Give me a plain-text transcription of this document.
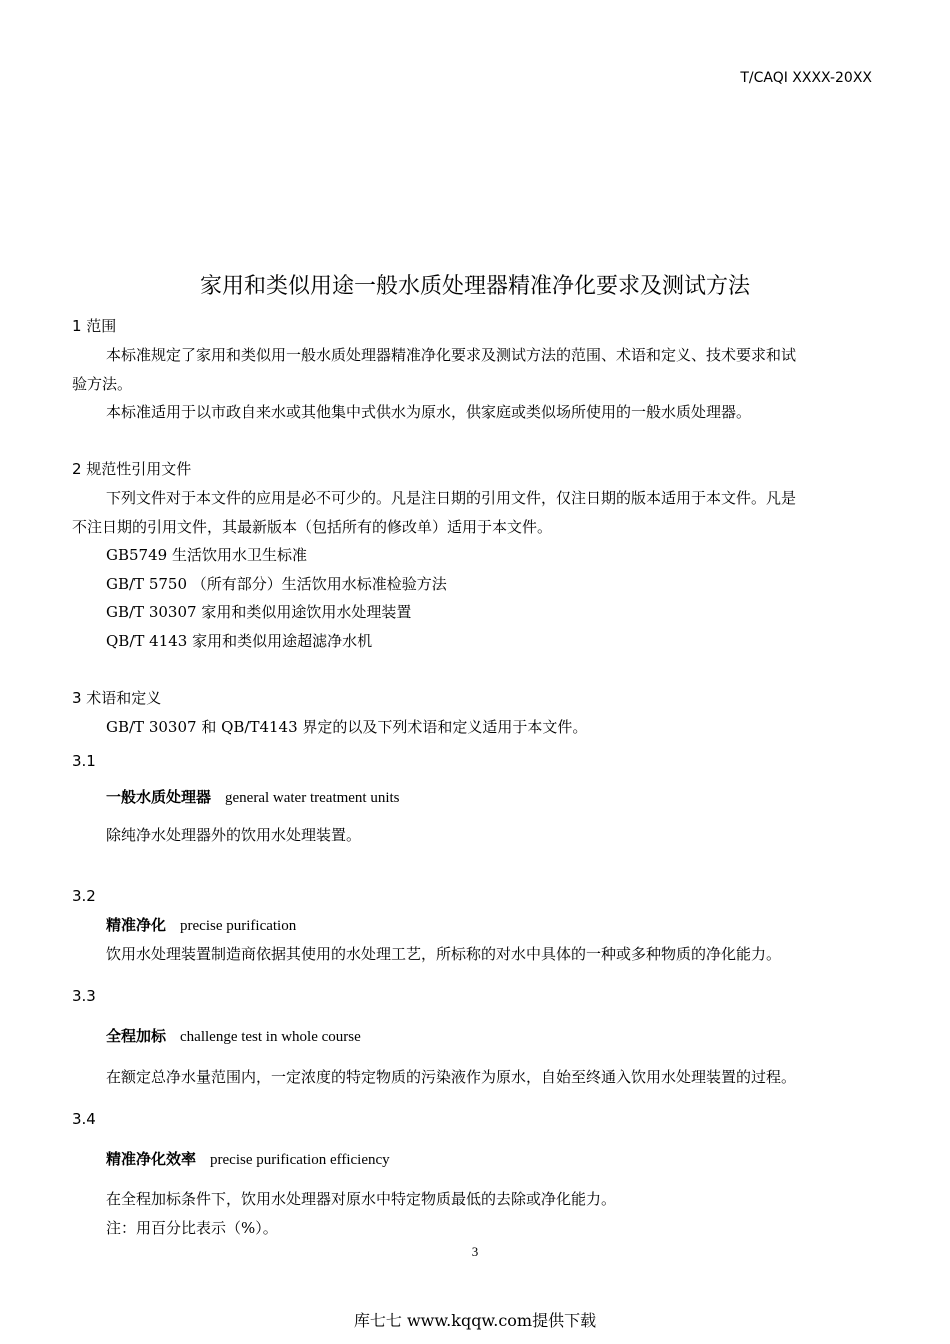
T/CAQI XXXX-20XX
家用和类似用途一般水质处理器精准净化要求及测试方法
1 范围
本标准规定了家用和类似用一般水质处理器精准净化要求及测试方法的范围、术语和定义、技术要求和试
验方法。
本标准适用于以市政自来水或其他集中式供水为原水，供家庭或类似场所使用的一般水质处理器。
2 规范性引用文件
下列文件对于本文件的应用是必不可少的。凡是注日期的引用文件，仅注日期的版本适用于本文件。凡是
不注日期的引用文件，其最新版本（包括所有的修改单）适用于本文件。
GB5749 生活饮用水卫生标准
GB/T 5750 （所有部分）生活饮用水标准检验方法
GB/T 30307 家用和类似用途饮用水处理装置
QB/T 4143 家用和类似用途超滤净水机
3 术语和定义
GB/T 30307 和 QB/T4143 界定的以及下列术语和定义适用于本文件。
3.1
一般水质处理器 general water treatment units
除纯净水处理器外的饮用水处理装置。
3.2
精准净化 precise purification
饮用水处理装置制造商依据其使用的水处理工艺，所标称的对水中具体的一种或多种物质的净化能力。
3.3
全程加标 challenge test in whole course
在额定总净水量范围内，一定浓度的特定物质的污染液作为原水，自始至终通入饮用水处理装置的过程。
3.4
精准净化效率 precise purification efficiency
在全程加标条件下，饮用水处理器对原水中特定物质最低的去除或净化能力。
注：用百分比表示（%）。
3
库七七 www.kqqw.com提供下载
